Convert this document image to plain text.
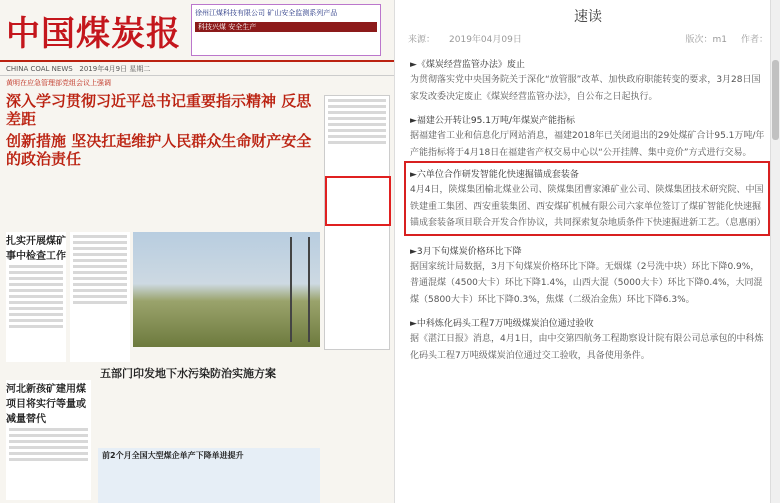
中国煤炭报
徐州江煤科技有限公司 矿山安全监测系列产品
科技兴煤 安全生产
CHINA COAL NEWS 2019年4月9日 星期二
黄明在应急管理部党组会议上强调
深入学习贯彻习近平总书记重要指示精神 反思差距
创新措施 坚决扛起维护人民群众生命财产安全的政治责任
扎实开展煤矿事中检查工作
五部门印发地下水污染防治实施方案
河北新孩矿建用煤项目将实行等量或减量替代
前2个月全国大型煤企单产下降单进提升
速读
来源： 2019年04月09日	版次：m1 作者：
►《煤炭经营监管办法》废止
为贯彻落实党中央国务院关于深化“放管服”改革、加快政府职能转变的要求，3月28日国家发改委决定废止《煤炭经营监管办法》，自公布之日起执行。
►福建公开转让95.1万吨/年煤炭产能指标
据福建省工业和信息化厅网站消息，福建2018年已关闭退出的29处煤矿合计95.1万吨/年产能指标将于4月18日在福建省产权交易中心以“公开挂牌、集中竞价”方式进行交易。
►六单位合作研发智能化快速掘锚成套装备
4月4日，陕煤集团榆北煤业公司、陕煤集团曹家滩矿业公司、陕煤集团技术研究院、中国铁建重工集团、西安重装集团、西安煤矿机械有限公司六家单位签订了煤矿智能化快速掘锚成套装备项目联合开发合作协议，共同探索复杂地质条件下快速掘进新工艺。（息惠丽）
►3月下旬煤炭价格环比下降
据国家统计局数据，3月下旬煤炭价格环比下降。无烟煤（2号洗中块）环比下降0.9%，普通混煤（4500大卡）环比下降1.4%，山西大混（5000大卡）环比下降0.4%，大同混煤（5800大卡）环比下降0.3%，焦煤（二级冶金焦）环比下降6.3%。
►中科炼化码头工程7万吨级煤炭泊位通过验收
据《湛江日报》消息，4月1日，由中交第四航务工程勘察设计院有限公司总承包的中科炼化码头工程7万吨级煤炭泊位通过交工验收，具备使用条件。
